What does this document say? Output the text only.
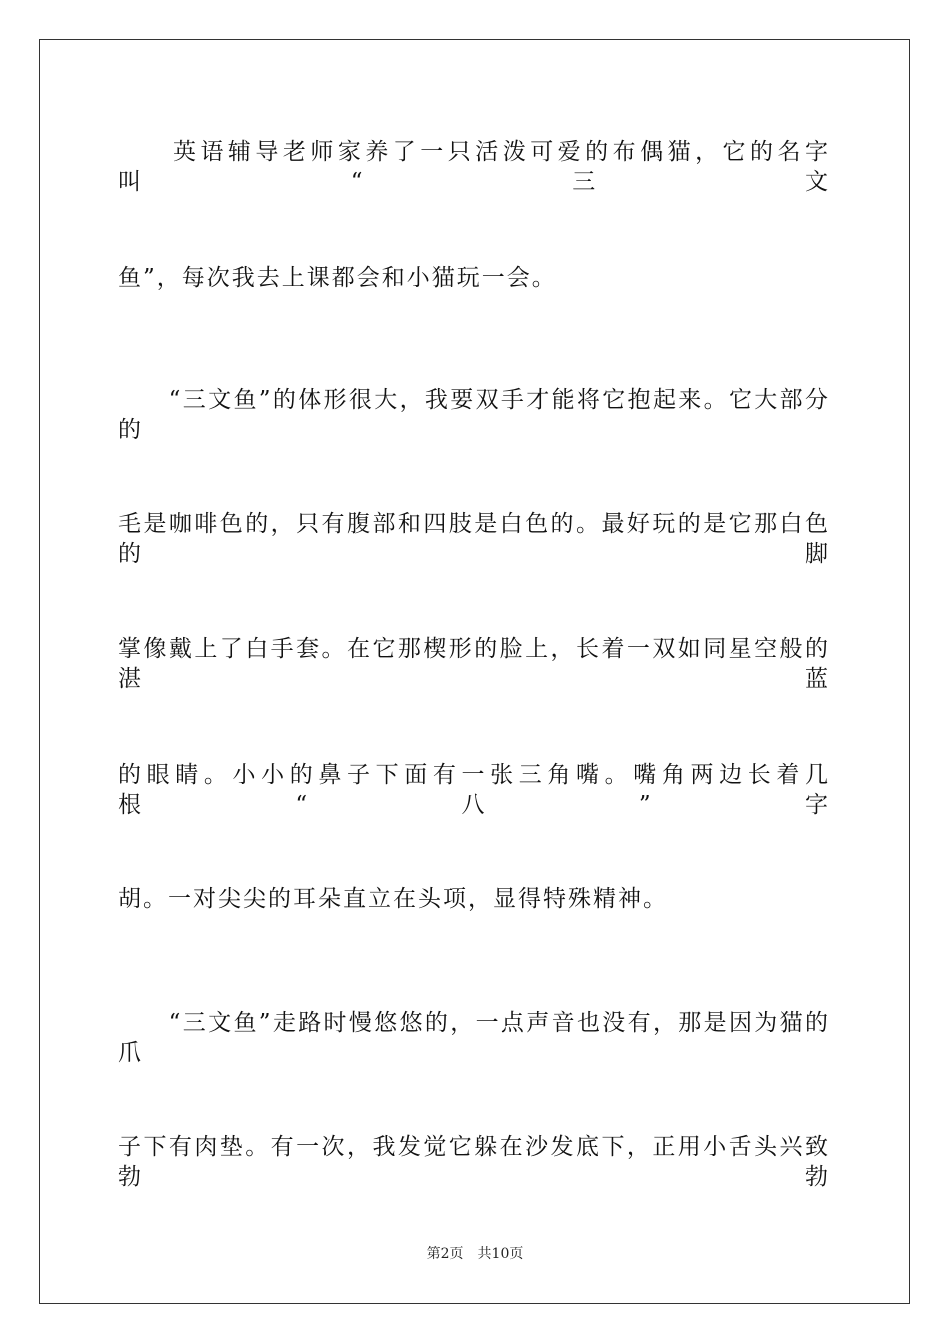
　　英语辅导老师家养了一只活泼可爱的布偶猫，它的名字叫“三文
鱼”，每次我去上课都会和小猫玩一会。
　　“三文鱼”的体形很大，我要双手才能将它抱起来。它大部分的
毛是咖啡色的，只有腹部和四肢是白色的。最好玩的是它那白色的脚
掌像戴上了白手套。在它那楔形的脸上，长着一双如同星空般的湛蓝
的眼睛。小小的鼻子下面有一张三角嘴。嘴角两边长着几根“八”字
胡。一对尖尖的耳朵直立在头项，显得特殊精神。
　　“三文鱼”走路时慢悠悠的，一点声音也没有，那是因为猫的爪
子下有肉垫。有一次，我发觉它躲在沙发底下，正用小舌头兴致勃勃
第2页　共10页
